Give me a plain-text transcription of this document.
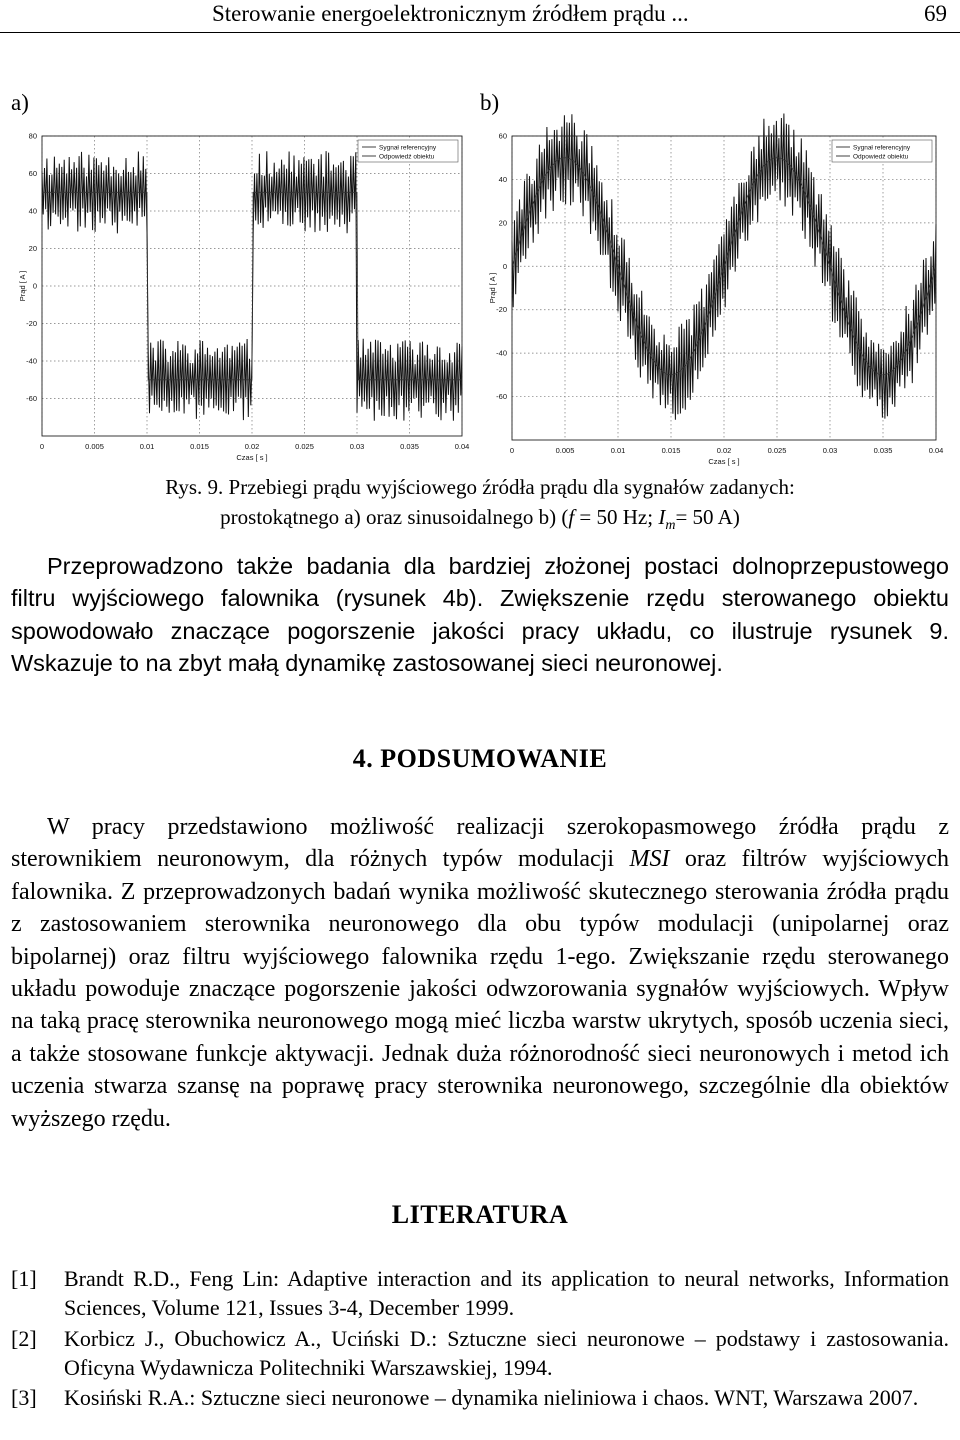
Sterowanie energoelektronicznym źródłem prądu ...	69
a)	b)
0	0.005	0.01	0.015	0.02	0.025	0.03	0.035	0.04
80
60
40
20
0
-20
-40
-60
Czas [ s ]
Prąd [ A ]
Sygnał referencyjny
Odpowiedź obiektu
0	0.005	0.01	0.015	0.02	0.025	0.03	0.035	0.04
60
40
20
0
-20
-40
-60
Czas [ s ]
Prąd [ A ]
Sygnał referencyjny
Odpowiedź obiektu
Rys. 9. Przebiegi prądu wyjściowego źródła prądu dla sygnałów zadanych:
prostokątnego a) oraz sinusoidalnego b) (f = 50 Hz; $I_m= 50$ A)
Przeprowadzono także badania dla bardziej złożonej postaci dolnoprzepustowego filtru wyjściowego falownika (rysunek 4b). Zwiększenie rzędu sterowanego obiektu spowodowało znaczące pogorszenie jakości pracy układu, co ilustruje rysunek 9. Wskazuje to na zbyt małą dynamikę zastosowanej sieci neuronowej.
4. PODSUMOWANIE
W pracy przedstawiono możliwość realizacji szerokopasmowego źródła prądu z sterownikiem neuronowym, dla różnych typów modulacji MSI oraz filtrów wyjściowych falownika. Z przeprowadzonych badań wynika możliwość skutecznego sterowania źródła prądu z zastosowaniem sterownika neuronowego dla obu typów modulacji (unipolarnej oraz bipolarnej) oraz filtru wyjściowego falownika rzędu 1-ego. Zwiększanie rzędu sterowanego układu powoduje znaczące pogorszenie jakości odwzorowania sygnałów wyjściowych. Wpływ na taką pracę sterownika neuronowego mogą mieć liczba warstw ukrytych, sposób uczenia sieci, a także stosowane funkcje aktywacji. Jednak duża różnorodność sieci neuronowych i metod ich uczenia stwarza szansę na poprawę pracy sterownika neuronowego, szczególnie dla obiektów wyższego rzędu.
LITERATURA
[1] Brandt R.D., Feng Lin: Adaptive interaction and its application to neural networks, Information Sciences, Volume 121, Issues 3-4, December 1999.
[2] Korbicz J., Obuchowicz A., Uciński D.: Sztuczne sieci neuronowe – podstawy i zastosowania. Oficyna Wydawnicza Politechniki Warszawskiej, 1994.
[3] Kosiński R.A.: Sztuczne sieci neuronowe – dynamika nieliniowa i chaos. WNT, Warszawa 2007.
